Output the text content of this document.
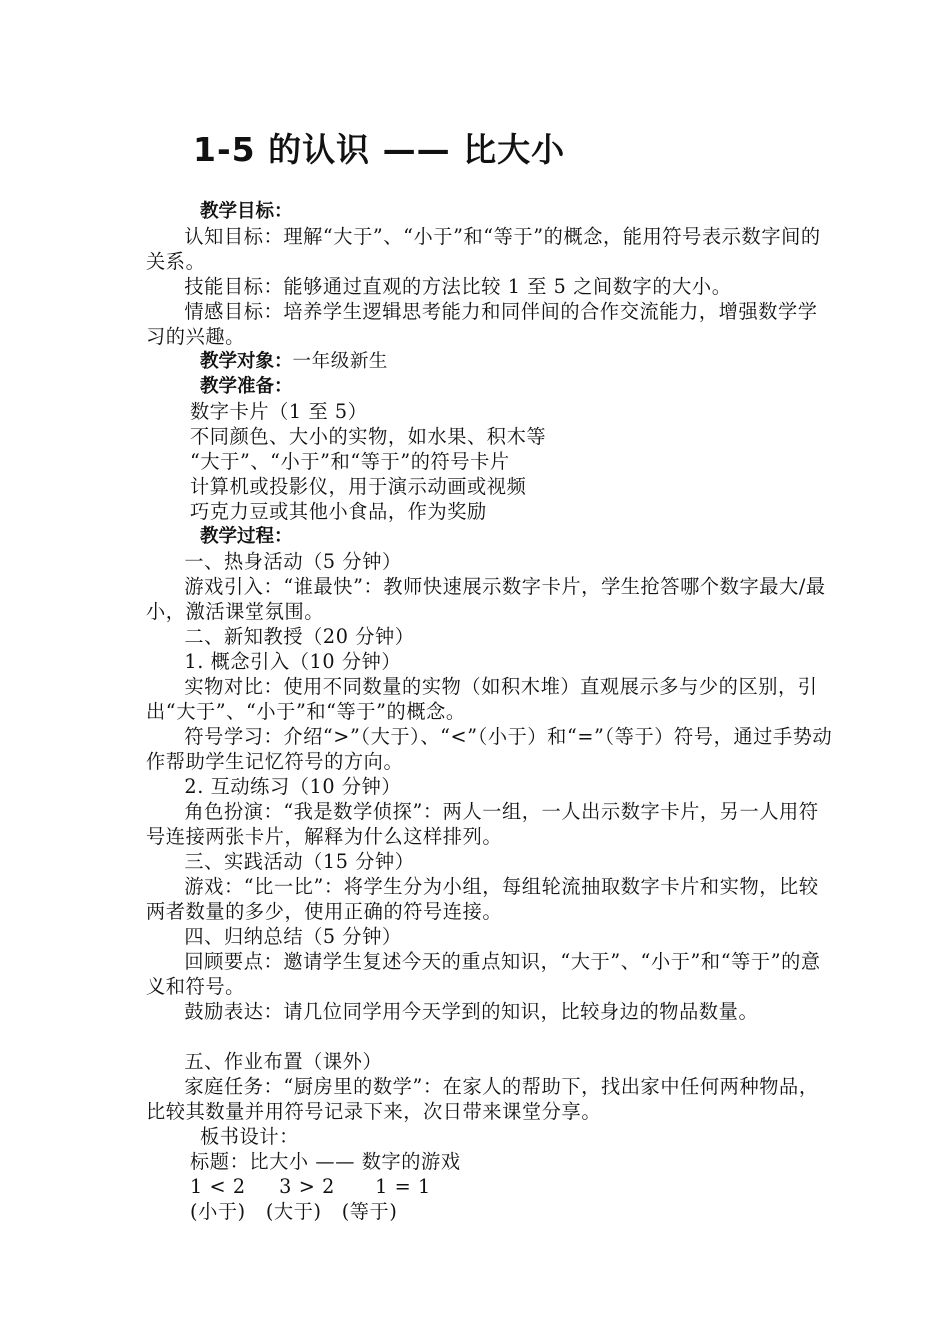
1-5 的认识 —— 比大小

教学目标：

认知目标：理解“大于”、“小于”和“等于”的概念，能用符号表示数字间的关系。

技能目标：能够通过直观的方法比较 1 至 5 之间数字的大小。

情感目标：培养学生逻辑思考能力和同伴间的合作交流能力，增强数学学习的兴趣。

教学对象：一年级新生

教学准备：

数字卡片（1 至 5）

不同颜色、大小的实物，如水果、积木等

“大于”、“小于”和“等于”的符号卡片

计算机或投影仪，用于演示动画或视频

巧克力豆或其他小食品，作为奖励

教学过程：

一、热身活动（5 分钟）

游戏引入：“谁最快”：教师快速展示数字卡片，学生抢答哪个数字最大/最小，激活课堂氛围。

二、新知教授（20 分钟）

1. 概念引入（10 分钟）

实物对比：使用不同数量的实物（如积木堆）直观展示多与少的区别，引出“大于”、“小于”和“等于”的概念。

符号学习：介绍“>”（大于）、“<”（小于）和“=”（等于）符号，通过手势动作帮助学生记忆符号的方向。

2. 互动练习（10 分钟）

角色扮演：“我是数学侦探”：两人一组，一人出示数字卡片，另一人用符号连接两张卡片，解释为什么这样排列。

三、实践活动（15 分钟）

游戏：“比一比”：将学生分为小组，每组轮流抽取数字卡片和实物，比较两者数量的多少，使用正确的符号连接。

四、归纳总结（5 分钟）

回顾要点：邀请学生复述今天的重点知识，“大于”、“小于”和“等于”的意义和符号。

鼓励表达：请几位同学用今天学到的知识，比较身边的物品数量。

五、作业布置（课外）

家庭任务：“厨房里的数学”：在家人的帮助下，找出家中任何两种物品，比较其数量并用符号记录下来，次日带来课堂分享。

板书设计：

标题：比大小 —— 数字的游戏

1 < 2     3 > 2      1 = 1

(小于)   (大于)   (等于)
